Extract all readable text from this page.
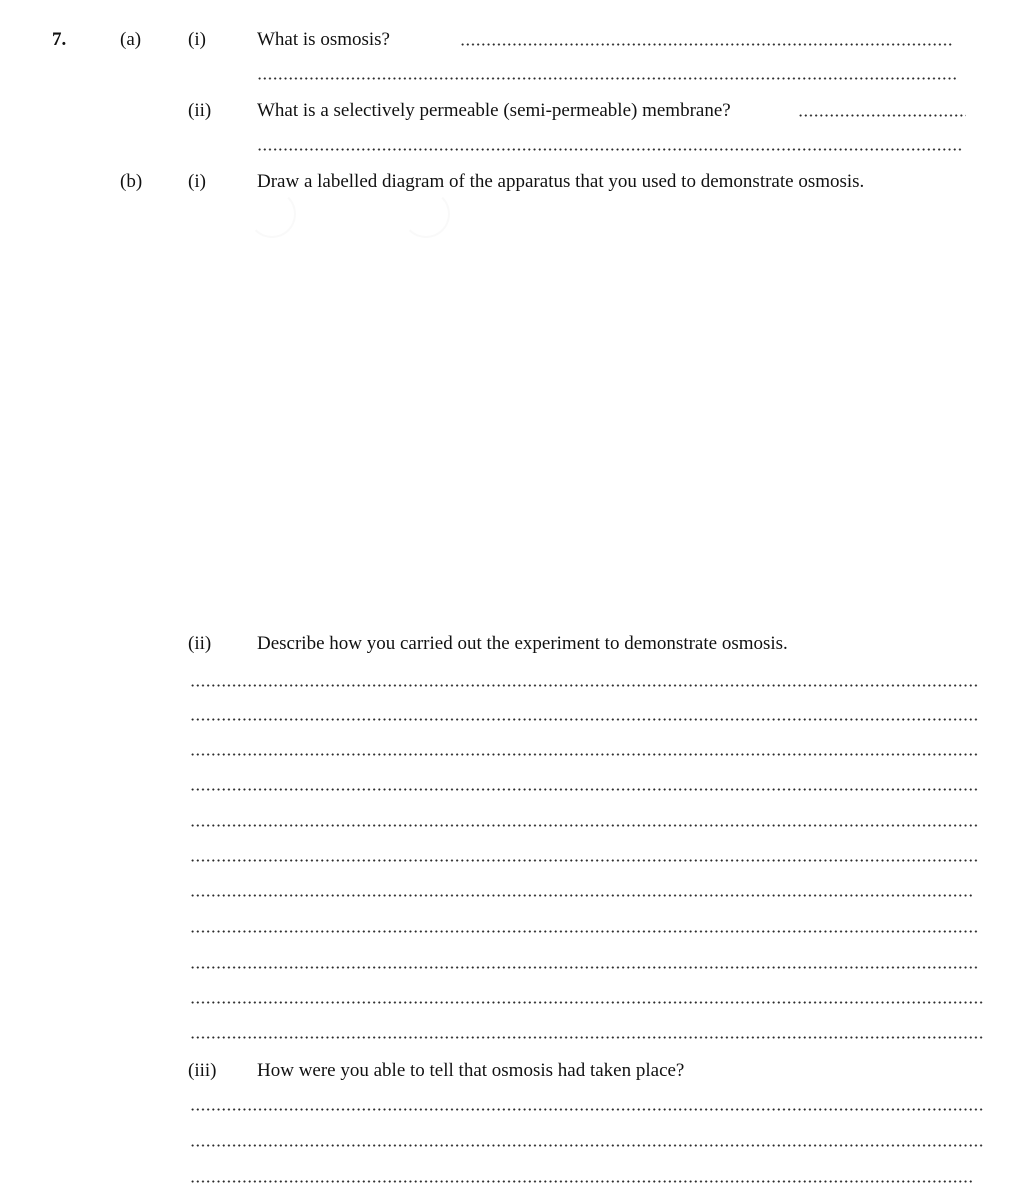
7.	(a) (i)	What is osmosis?
(ii) What is a selectively permeable (semi-permeable) membrane?
(b) (i)	Draw a labelled diagram of the apparatus that you used to demonstrate osmosis.
(ii) Describe how you carried out the experiment to demonstrate osmosis.
(iii) How were you able to tell that osmosis had taken place?
